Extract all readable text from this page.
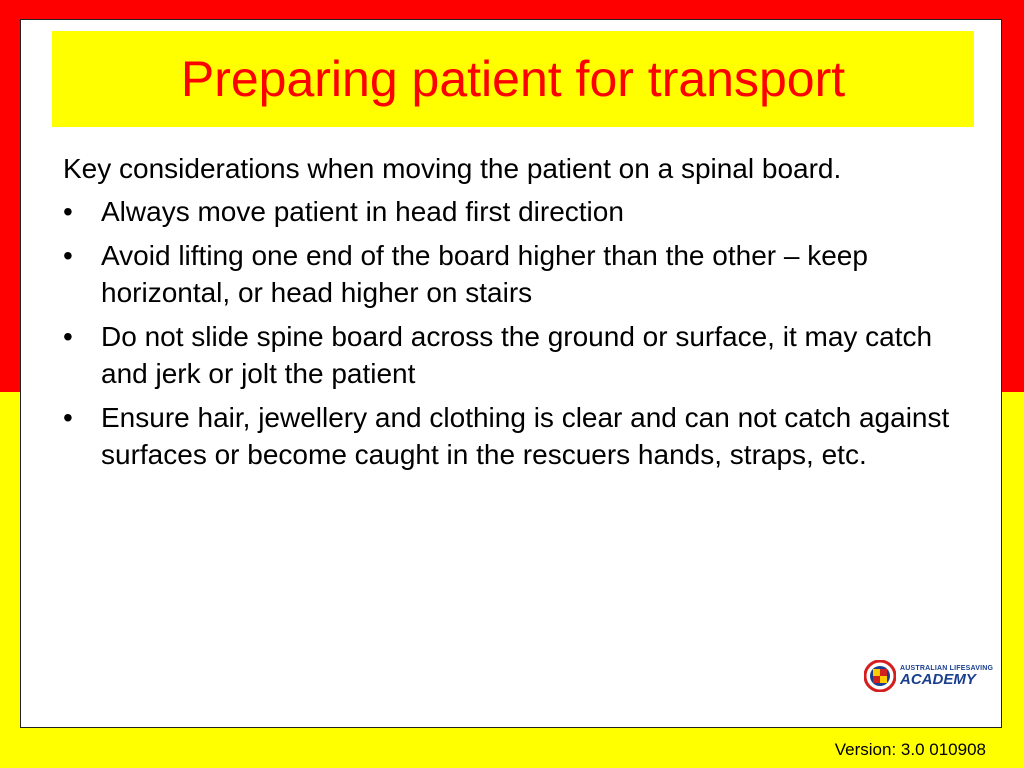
Preparing patient for transport

Key considerations when moving the patient on a spinal board.

•	Always move patient in head first direction
•	Avoid lifting one end of the board higher than the other – keep horizontal, or head higher on stairs
•	Do not slide spine board across the ground or surface, it may catch and jerk or jolt the patient
•	Ensure hair, jewellery and clothing is clear and can not catch against surfaces or become caught in the rescuers hands, straps, etc.
AUSTRALIAN LIFESAVING
ACADEMY
Version: 3.0 010908
